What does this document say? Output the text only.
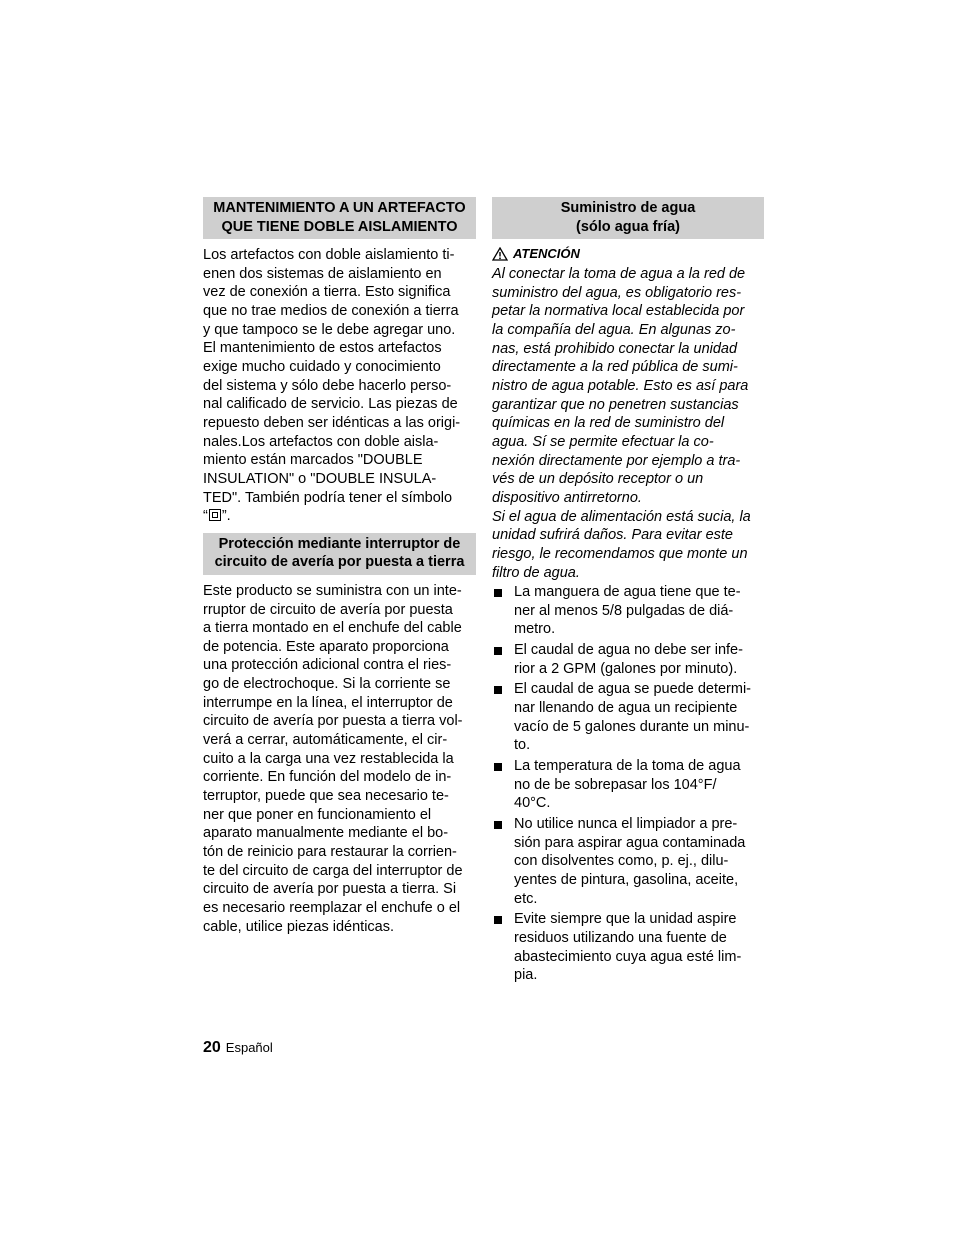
MANTENIMIENTO A UN ARTEFACTO
QUE TIENE DOBLE AISLAMIENTO
Los artefactos con doble aislamiento ti-
enen dos sistemas de aislamiento en
vez de conexión a tierra. Esto significa
que no trae medios de conexión a tierra
y que tampoco se le debe agregar uno.
El mantenimiento de estos artefactos
exige mucho cuidado y conocimiento
del sistema y sólo debe hacerlo perso-
nal calificado de servicio. Las piezas de
repuesto deben ser idénticas a las origi-
nales.Los artefactos con doble aisla-
miento están marcados "DOUBLE
INSULATION" o "DOUBLE INSULA-
TED". También podría tener el símbolo
“ ”.
Protección mediante interruptor de
circuito de avería por puesta a tierra
Este producto se suministra con un inte-
rruptor de circuito de avería por puesta
a tierra montado en el enchufe del cable
de potencia. Este aparato proporciona
una protección adicional contra el ries-
go de electrochoque. Si la corriente se
interrumpe en la línea, el interruptor de
circuito de avería por puesta a tierra vol-
verá a cerrar, automáticamente, el cir-
cuito a la carga una vez restablecida la
corriente. En función del modelo de in-
terruptor, puede que sea necesario te-
ner que poner en funcionamiento el
aparato manualmente mediante el bo-
tón de reinicio para restaurar la corrien-
te del circuito de carga del interruptor de
circuito de avería por puesta a tierra. Si
es necesario reemplazar el enchufe o el
cable, utilice piezas idénticas.
Suministro de agua
(sólo agua fría)
ATENCIÓN
Al conectar la toma de agua a la red de
suministro del agua, es obligatorio res-
petar la normativa local establecida por
la compañía del agua. En algunas zo-
nas, está prohibido conectar la unidad
directamente a la red pública de sumi-
nistro de agua potable. Esto es así para
garantizar que no penetren sustancias
químicas en la red de suministro del
agua. Sí se permite efectuar la co-
nexión directamente por ejemplo a tra-
vés de un depósito receptor o un
dispositivo antirretorno.
Si el agua de alimentación está sucia, la
unidad sufrirá daños. Para evitar este
riesgo, le recomendamos que monte un
filtro de agua.
La manguera de agua tiene que te-
ner al menos 5/8 pulgadas de diá-
metro.
El caudal de agua no debe ser infe-
rior a 2 GPM (galones por minuto).
El caudal de agua se puede determi-
nar llenando de agua un recipiente
vacío de 5 galones durante un minu-
to.
La temperatura de la toma de agua
no de be sobrepasar los 104°F/
40°C.
No utilice nunca el limpiador a pre-
sión para aspirar agua contaminada
con disolventes como, p. ej., dilu-
yentes de pintura, gasolina, aceite,
etc.
Evite siempre que la unidad aspire
residuos utilizando una fuente de
abastecimiento cuya agua esté lim-
pia.
20 Español
